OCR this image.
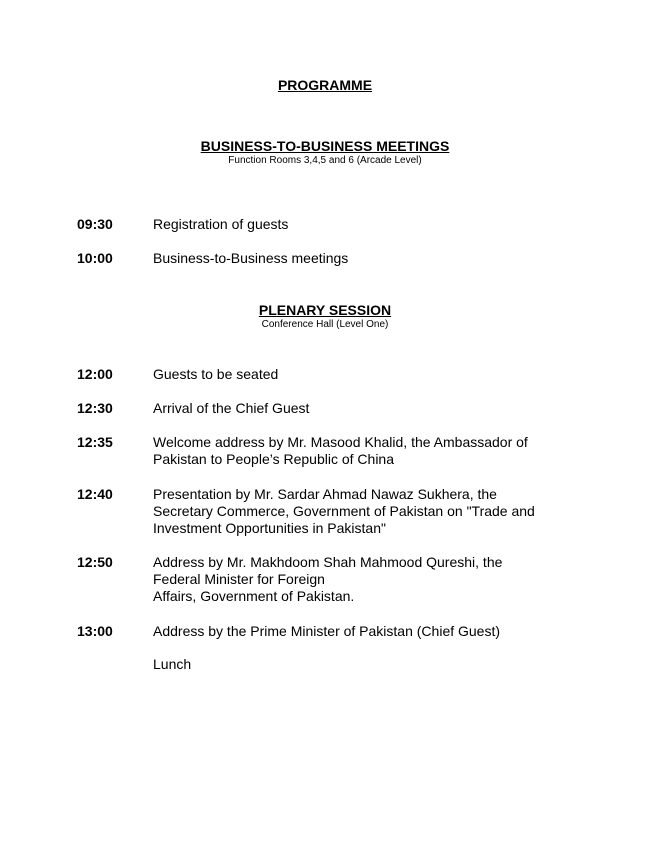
PROGRAMME
BUSINESS-TO-BUSINESS MEETINGS
Function Rooms 3,4,5 and 6 (Arcade Level)
09:30	Registration of guests
10:00	Business-to-Business meetings
PLENARY SESSION
Conference Hall (Level One)
12:00	Guests to be seated
12:30	Arrival of the Chief Guest
12:35	Welcome address by Mr. Masood Khalid, the Ambassador of
Pakistan to People’s Republic of China
12:40	Presentation by Mr. Sardar Ahmad Nawaz Sukhera, the
Secretary Commerce, Government of Pakistan on "Trade and
Investment Opportunities in Pakistan"
12:50	Address by Mr. Makhdoom Shah Mahmood Qureshi, the
Federal Minister for Foreign
Affairs, Government of Pakistan.
13:00	Address by the Prime Minister of Pakistan (Chief Guest)
Lunch
